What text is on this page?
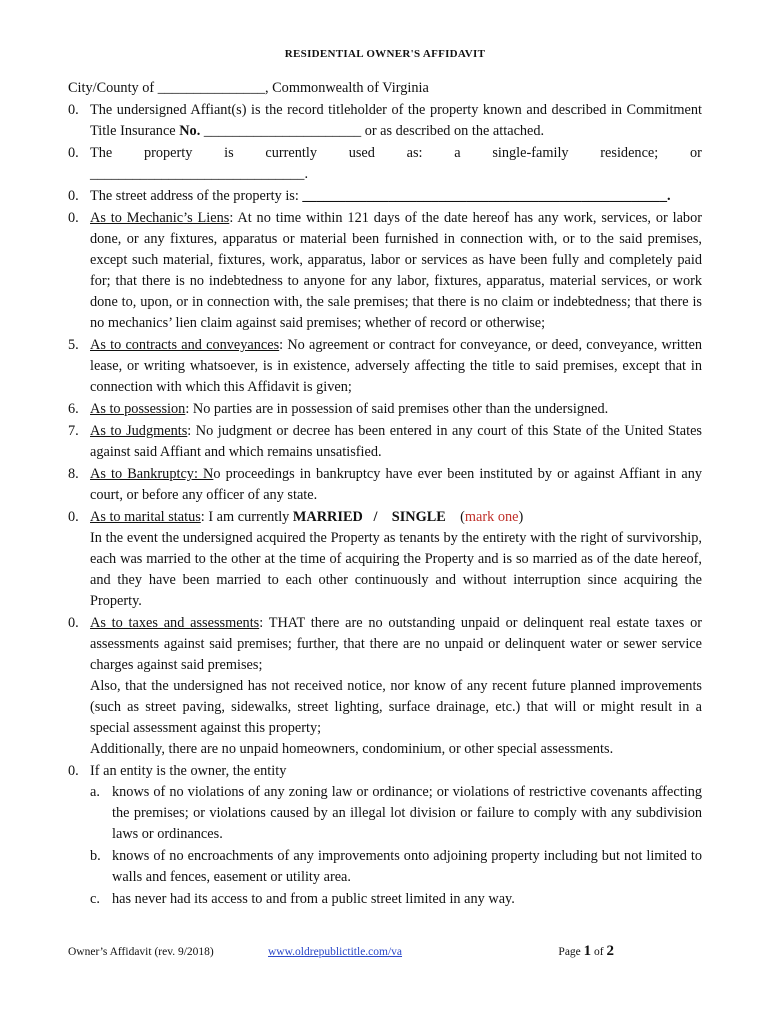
RESIDENTIAL OWNER'S AFFIDAVIT
City/County of _______________, Commonwealth of Virginia
0. The undersigned Affiant(s) is the record titleholder of the property known and described in Commitment Title Insurance No. ______________________ or as described on the attached.
0. The property is currently used as: a single-family residence; or
______________________________.
0. The street address of the property is: ___________________________________________________.
0. As to Mechanic’s Liens: At no time within 121 days of the date hereof has any work, services, or labor done, or any fixtures, apparatus or material been furnished in connection with, or to the said premises, except such material, fixtures, work, apparatus, labor or services as have been fully and completely paid for; that there is no indebtedness to anyone for any labor, fixtures, apparatus, material services, or work done to, upon, or in connection with, the sale premises; that there is no claim or indebtedness; that there is no mechanics’ lien claim against said premises; whether of record or otherwise;
5. As to contracts and conveyances: No agreement or contract for conveyance, or deed, conveyance, written lease, or writing whatsoever, is in existence, adversely affecting the title to said premises, except that in connection with which this Affidavit is given;
6. As to possession: No parties are in possession of said premises other than the undersigned.
7. As to Judgments: No judgment or decree has been entered in any court of this State of the United States against said Affiant and which remains unsatisfied.
8. As to Bankruptcy: No proceedings in bankruptcy have ever been instituted by or against Affiant in any court, or before any officer of any state.
0. As to marital status: I am currently MARRIED   /    SINGLE    (mark one)

In the event the undersigned acquired the Property as tenants by the entirety with the right of survivorship, each was married to the other at the time of acquiring the Property and is so married as of the date hereof, and they have been married to each other continuously and without interruption since acquiring the Property.

0. As to taxes and assessments: THAT there are no outstanding unpaid or delinquent real estate taxes or assessments against said premises; further, that there are no unpaid or delinquent water or sewer service charges against said premises;

Also, that the undersigned has not received notice, nor know of any recent future planned improvements (such as street paving, sidewalks, street lighting, surface drainage, etc.) that will or might result in a special assessment against this property;

Additionally, there are no unpaid homeowners, condominium, or other special assessments.

0. If an entity is the owner, the entity

a. knows of no violations of any zoning law or ordinance; or violations of restrictive covenants affecting the premises; or violations caused by an illegal lot division or failure to comply with any subdivision laws or ordinances.
b. knows of no encroachments of any improvements onto adjoining property including but not limited to walls and fences, easement or utility area.
c. has never had its access to and from a public street limited in any way.
Owner’s Affidavit (rev. 9/2018)	www.oldrepublictitle.com/va	Page 1 of 2
